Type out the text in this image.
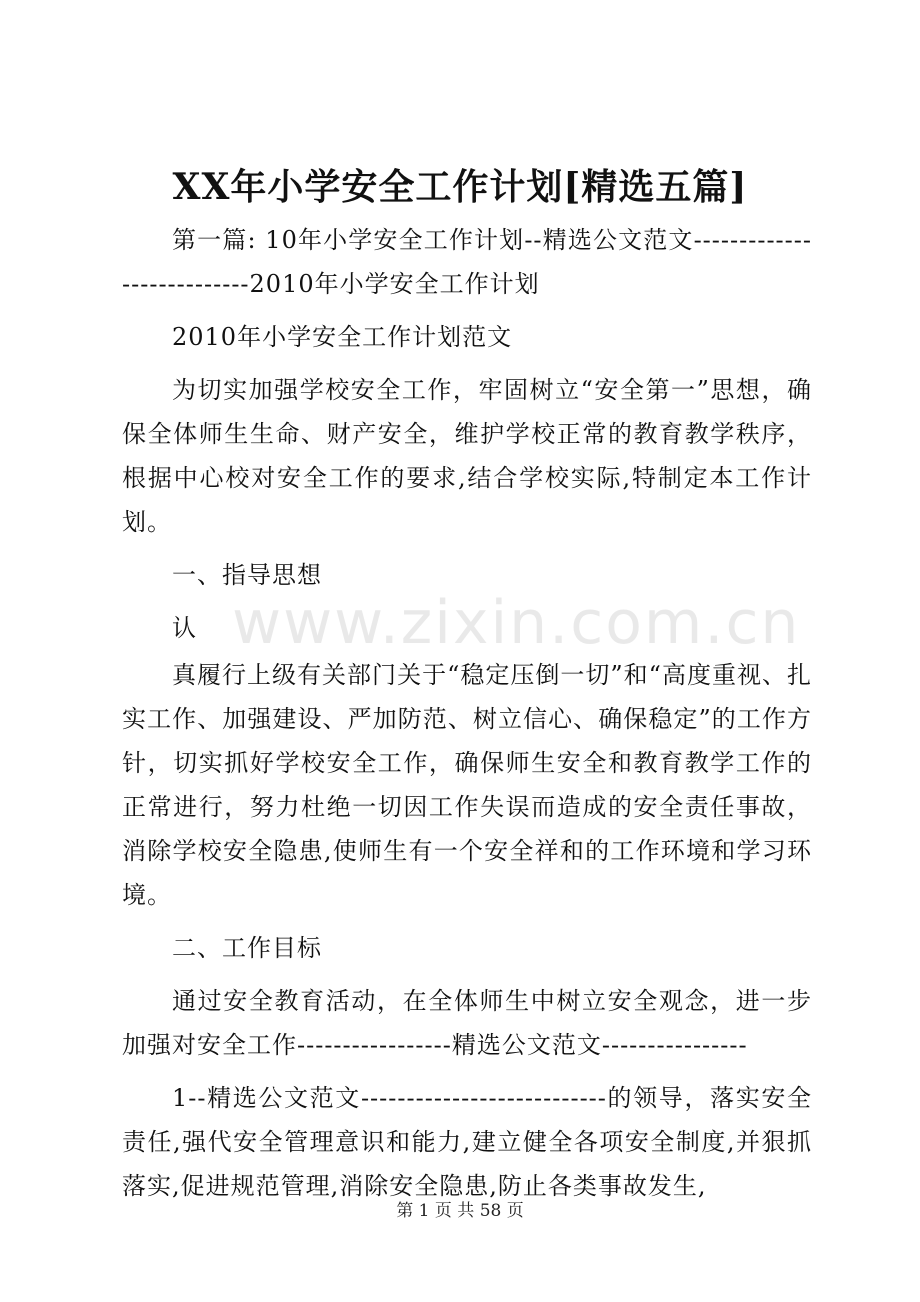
www.zixin.com.cn
XX年小学安全工作计划[精选五篇]

第一篇: 10年小学安全工作计划--精选公文范文---------------------------2010年小学安全工作计划

2010年小学安全工作计划范文

为切实加强学校安全工作，牢固树立“安全第一”思想，确保全体师生生命、财产安全，维护学校正常的教育教学秩序，根据中心校对安全工作的要求,结合学校实际,特制定本工作计划。

一、指导思想

认

真履行上级有关部门关于“稳定压倒一切”和“高度重视、扎实工作、加强建设、严加防范、树立信心、确保稳定”的工作方针，切实抓好学校安全工作，确保师生安全和教育教学工作的正常进行，努力杜绝一切因工作失误而造成的安全责任事故，消除学校安全隐患,使师生有一个安全祥和的工作环境和学习环境。

二、工作目标

通过安全教育活动，在全体师生中树立安全观念，进一步加强对安全工作-----------------精选公文范文----------------

1--精选公文范文---------------------------的领导，落实安全责任,强代安全管理意识和能力,建立健全各项安全制度,并狠抓落实,促进规范管理,消除安全隐患,防止各类事故发生,

第 1 页 共 58 页
